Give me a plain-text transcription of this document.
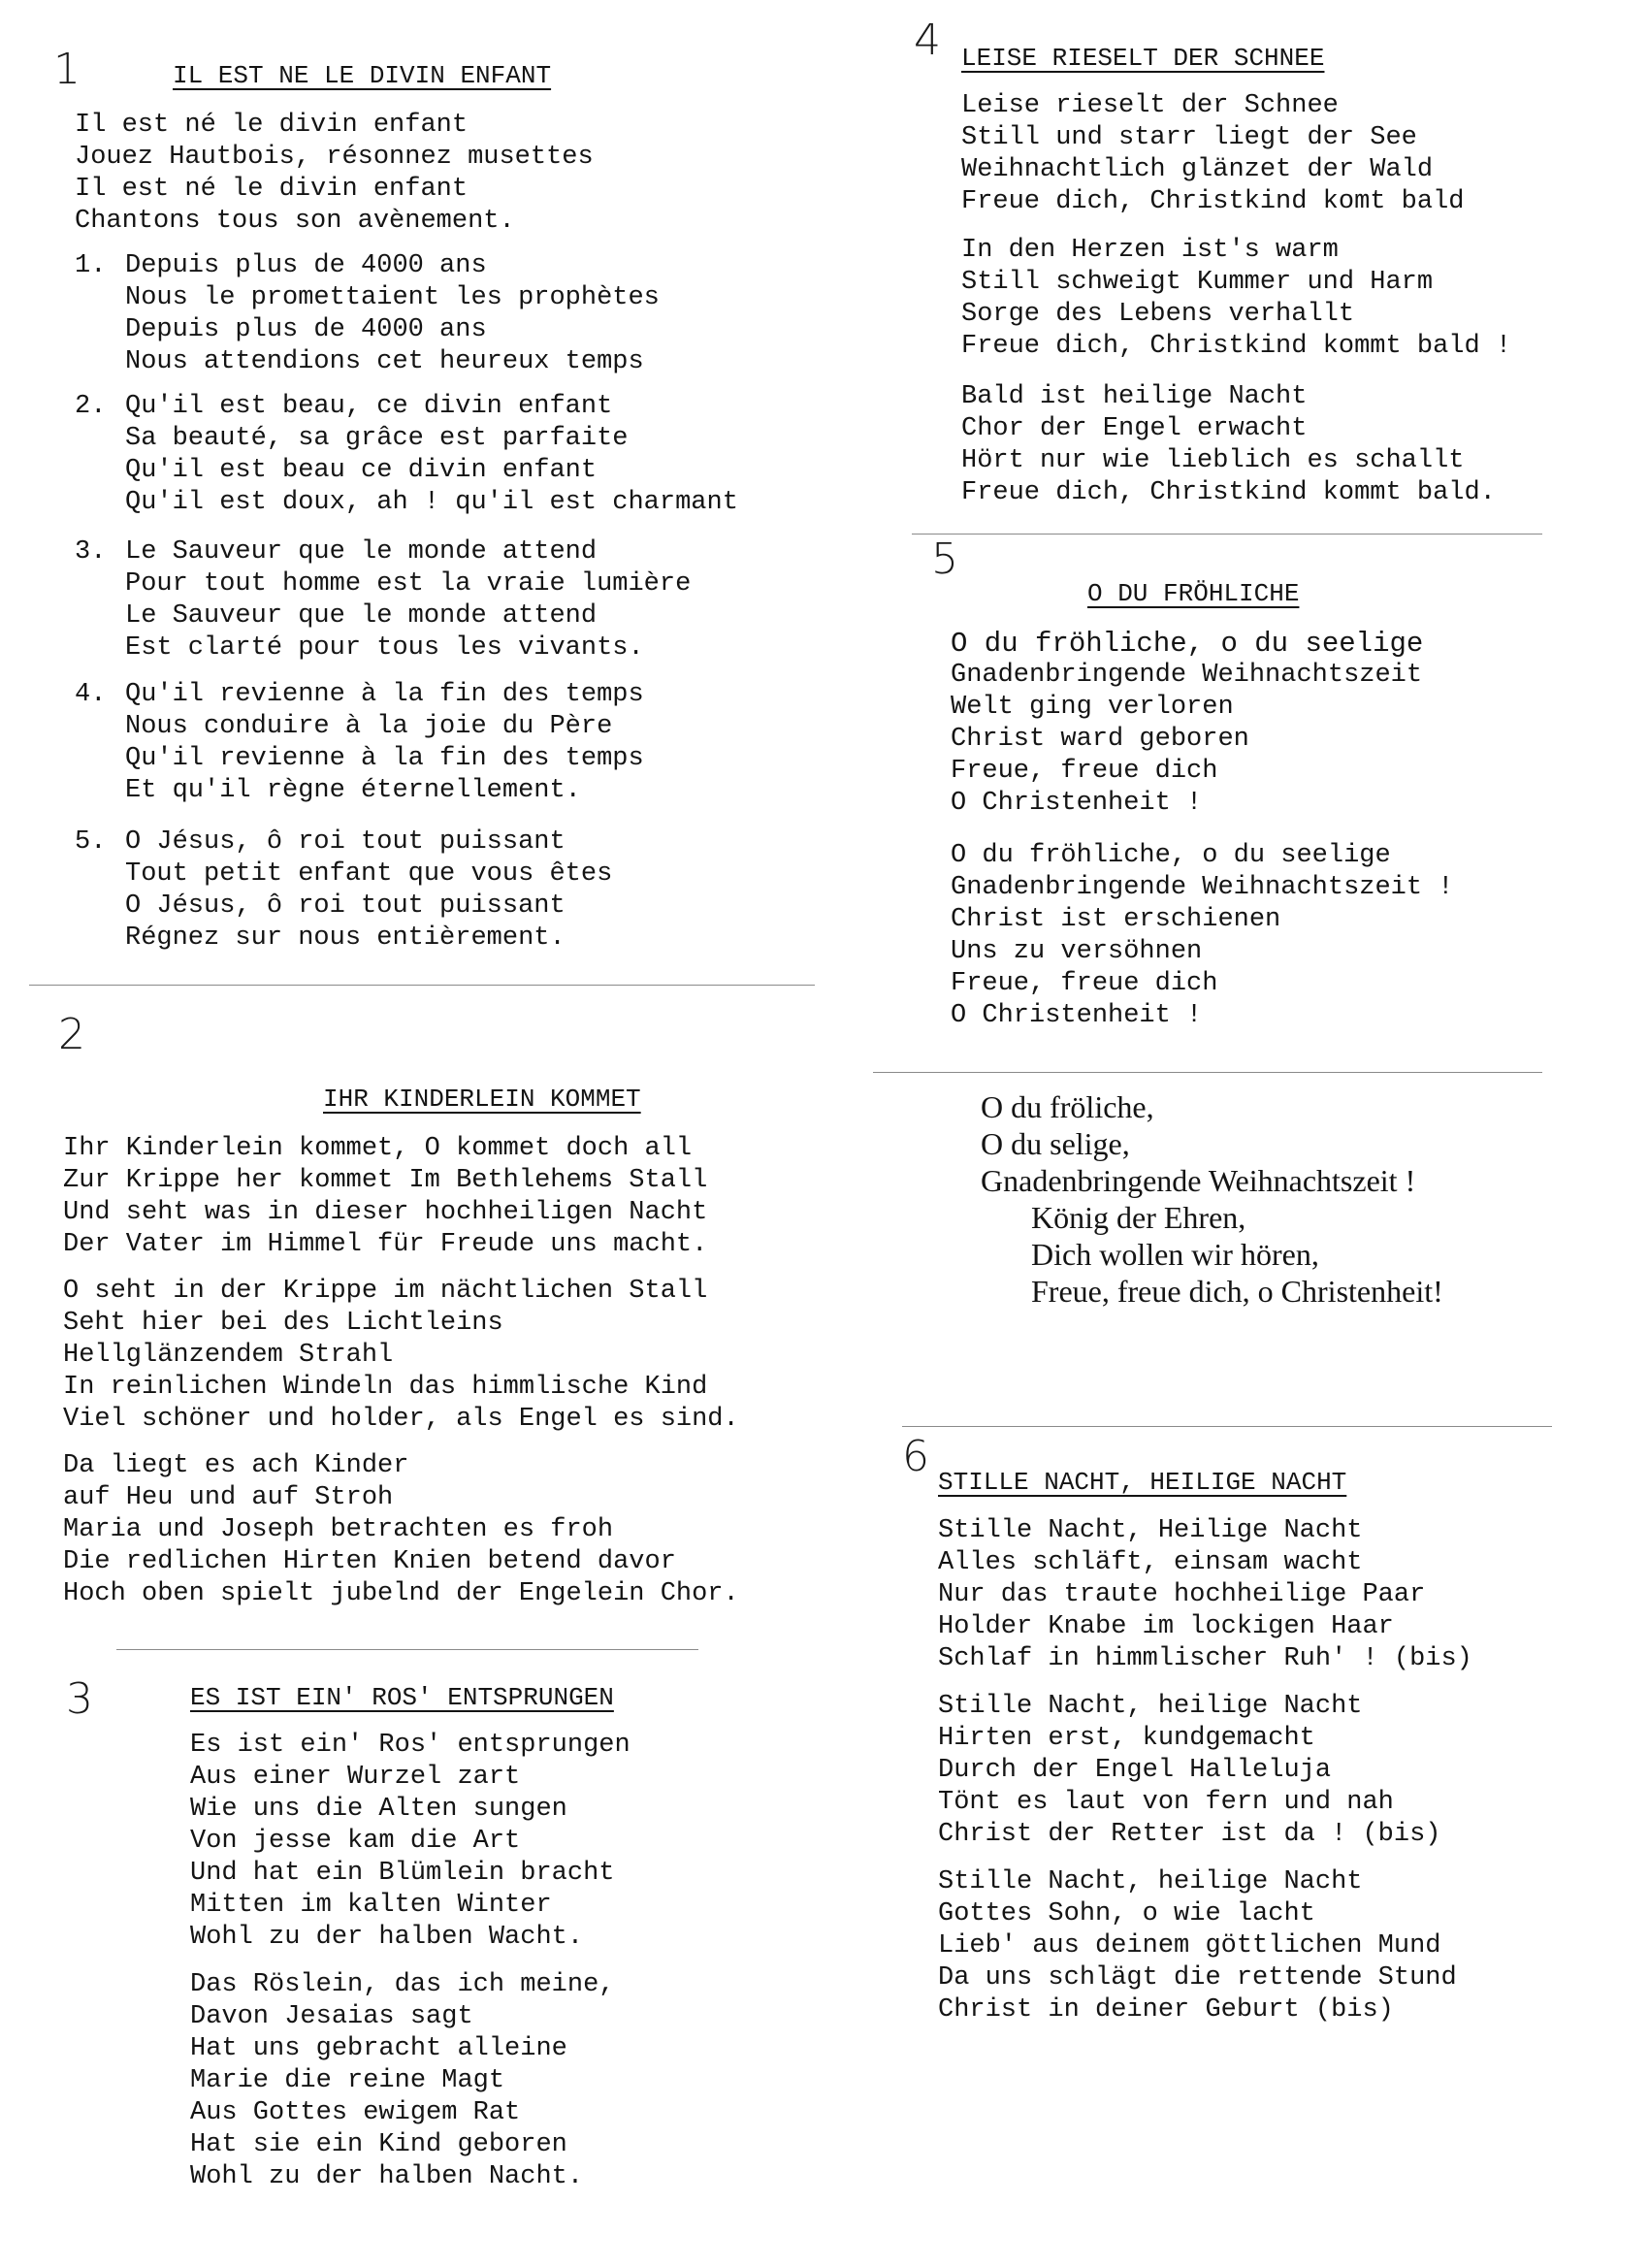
1	IL EST NE LE DIVIN ENFANT
Il est né le divin enfant
Jouez Hautbois, résonnez musettes
Il est né le divin enfant
Chantons tous son avènement.
1. Depuis plus de 4000 ans
Nous le promettaient les prophètes
Depuis plus de 4000 ans
Nous attendions cet heureux temps
2. Qu'il est beau, ce divin enfant
Sa beauté, sa grâce est parfaite
Qu'il est beau ce divin enfant
Qu'il est doux, ah ! qu'il est charmant
3. Le Sauveur que le monde attend
Pour tout homme est la vraie lumière
Le Sauveur que le monde attend
Est clarté pour tous les vivants.
4. Qu'il revienne à la fin des temps
Nous conduire à la joie du Père
Qu'il revienne à la fin des temps
Et qu'il règne éternellement.
5. O Jésus, ô roi tout puissant
Tout petit enfant que vous êtes
O Jésus, ô roi tout puissant
Régnez sur nous entièrement.
2
IHR KINDERLEIN KOMMET
Ihr Kinderlein kommet, O kommet doch all
Zur Krippe her kommet Im Bethlehems Stall
Und seht was in dieser hochheiligen Nacht
Der Vater im Himmel für Freude uns macht.
O seht in der Krippe im nächtlichen Stall
Seht hier bei des Lichtleins
Hellglänzendem Strahl
In reinlichen Windeln das himmlische Kind
Viel schöner und holder, als Engel es sind.
Da liegt es ach Kinder
auf Heu und auf Stroh
Maria und Joseph betrachten es froh
Die redlichen Hirten Knien betend davor
Hoch oben spielt jubelnd der Engelein Chor.
3	ES IST EIN' ROS' ENTSPRUNGEN
Es ist ein' Ros' entsprungen
Aus einer Wurzel zart
Wie uns die Alten sungen
Von jesse kam die Art
Und hat ein Blümlein bracht
Mitten im kalten Winter
Wohl zu der halben Wacht.
Das Röslein, das ich meine,
Davon Jesaias sagt
Hat uns gebracht alleine
Marie die reine Magt
Aus Gottes ewigem Rat
Hat sie ein Kind geboren
Wohl zu der halben Nacht.
4 LEISE RIESELT DER SCHNEE
Leise rieselt der Schnee
Still und starr liegt der See
Weihnachtlich glänzet der Wald
Freue dich, Christkind komt bald
In den Herzen ist's warm
Still schweigt Kummer und Harm
Sorge des Lebens verhallt
Freue dich, Christkind kommt bald !
Bald ist heilige Nacht
Chor der Engel erwacht
Hört nur wie lieblich es schallt
Freue dich, Christkind kommt bald.
5
O DU FRÖHLICHE
O du fröhliche, o du seelige
Gnadenbringende Weihnachtszeit
Welt ging verloren
Christ ward geboren
Freue, freue dich
O Christenheit !
O du fröhliche, o du seelige
Gnadenbringende Weihnachtszeit !
Christ ist erschienen
Uns zu versöhnen
Freue, freue dich
O Christenheit !
O du fröliche,
O du selige,
Gnadenbringende Weihnachtszeit !
König der Ehren,
Dich wollen wir hören,
Freue, freue dich, o Christenheit!
6
STILLE NACHT, HEILIGE NACHT
Stille Nacht, Heilige Nacht
Alles schläft, einsam wacht
Nur das traute hochheilige Paar
Holder Knabe im lockigen Haar
Schlaf in himmlischer Ruh' ! (bis)
Stille Nacht, heilige Nacht
Hirten erst, kundgemacht
Durch der Engel Halleluja
Tönt es laut von fern und nah
Christ der Retter ist da ! (bis)
Stille Nacht, heilige Nacht
Gottes Sohn, o wie lacht
Lieb' aus deinem göttlichen Mund
Da uns schlägt die rettende Stund
Christ in deiner Geburt (bis)
